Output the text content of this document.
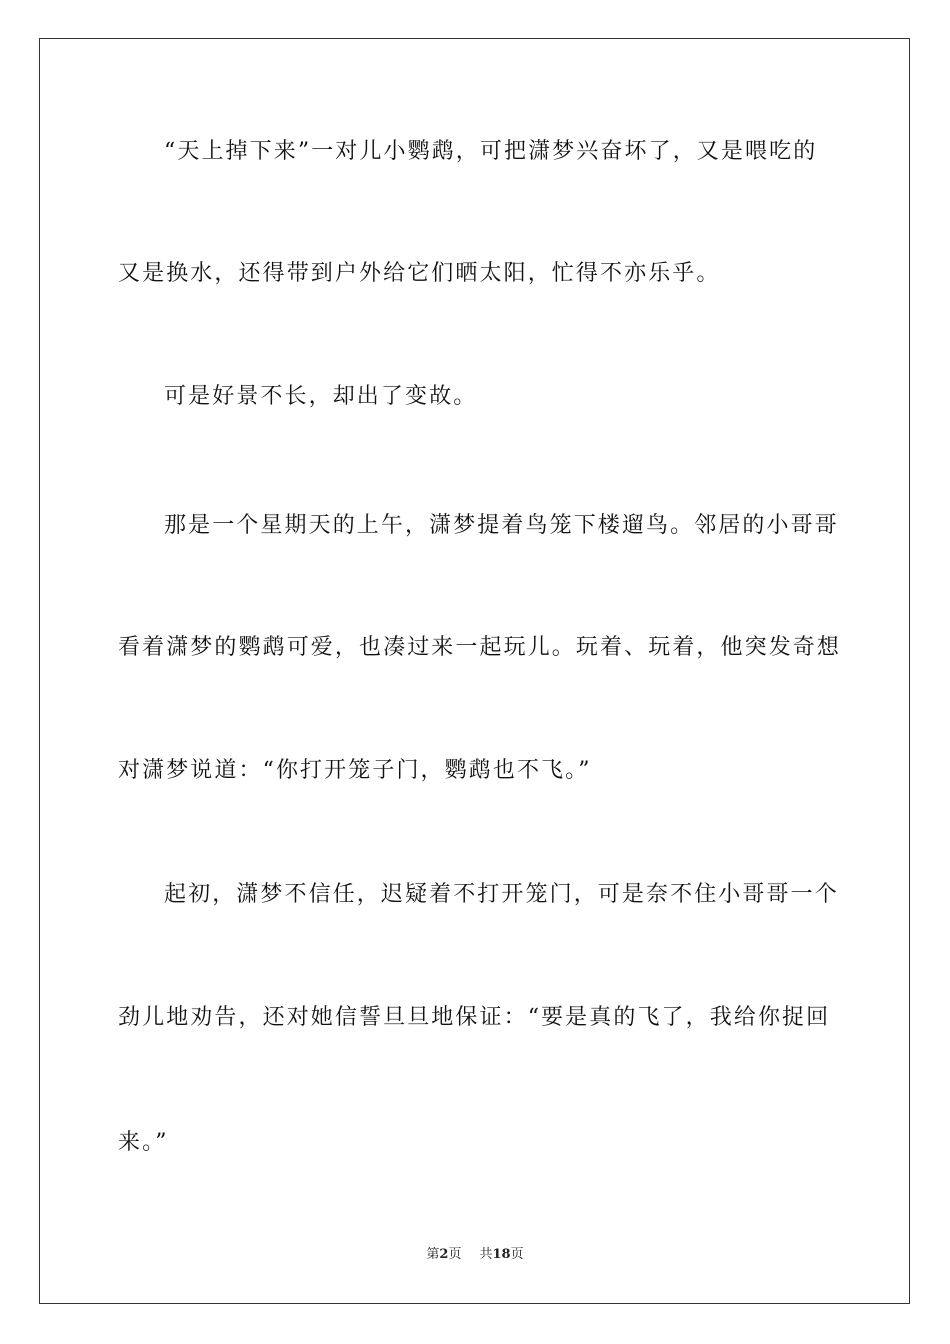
“天上掉下来”一对儿小鹦鹉，可把潇梦兴奋坏了，又是喂吃的
又是换水，还得带到户外给它们晒太阳，忙得不亦乐乎。
可是好景不长，却出了变故。
那是一个星期天的上午，潇梦提着鸟笼下楼遛鸟。邻居的小哥哥
看着潇梦的鹦鹉可爱，也凑过来一起玩儿。玩着、玩着，他突发奇想
对潇梦说道：“你打开笼子门，鹦鹉也不飞。”
起初，潇梦不信任，迟疑着不打开笼门，可是奈不住小哥哥一个
劲儿地劝告，还对她信誓旦旦地保证：“要是真的飞了，我给你捉回
来。”
第2页 共18页
